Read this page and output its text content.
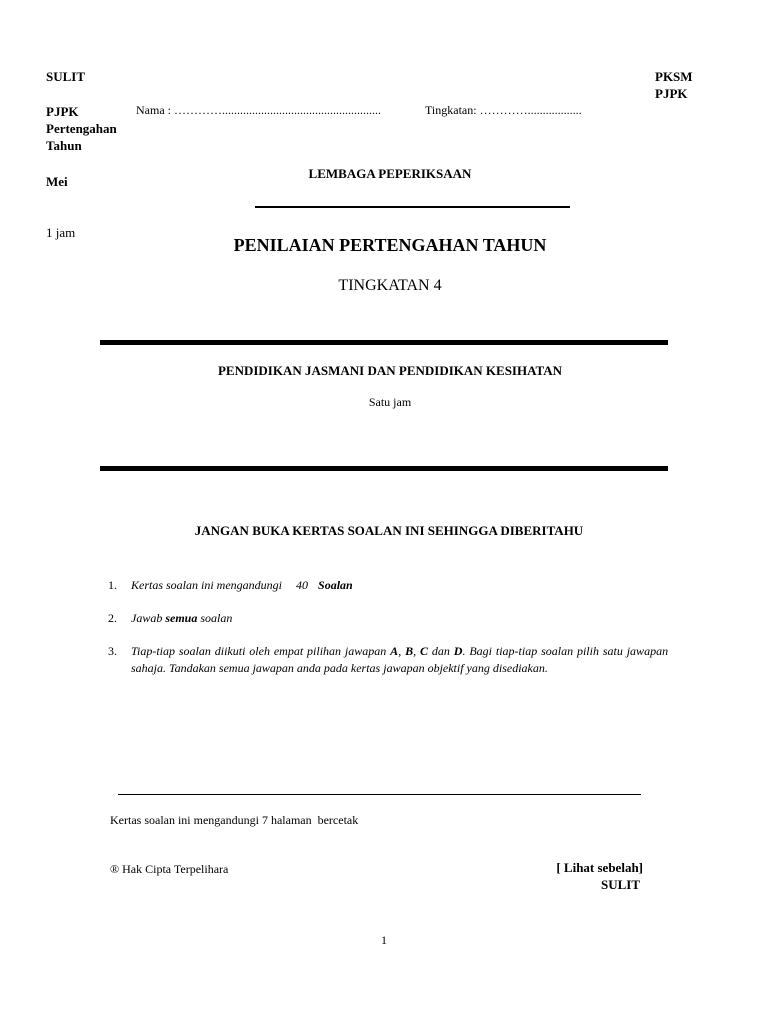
SULIT
PJPK
Pertengahan
Tahun
Mei
1 jam
PKSM
PJPK
Nama : ………….....................................................	Tingkatan: …………..................
LEMBAGA PEPERIKSAAN
PENILAIAN PERTENGAHAN TAHUN
TINGKATAN 4
PENDIDIKAN JASMANI DAN PENDIDIKAN KESIHATAN
Satu jam
JANGAN BUKA KERTAS SOALAN INI SEHINGGA DIBERITAHU
1. Kertas soalan ini mengandungi 40 Soalan
2. Jawab semua soalan
3. Tiap-tiap soalan diikuti oleh empat pilihan jawapan A, B, C dan D. Bagi tiap-tiap soalan pilih satu jawapan sahaja. Tandakan semua jawapan anda pada kertas jawapan objektif yang disediakan.
Kertas soalan ini mengandungi 7 halaman  bercetak
® Hak Cipta Terpelihara	[ Lihat sebelah]
SULIT
1
